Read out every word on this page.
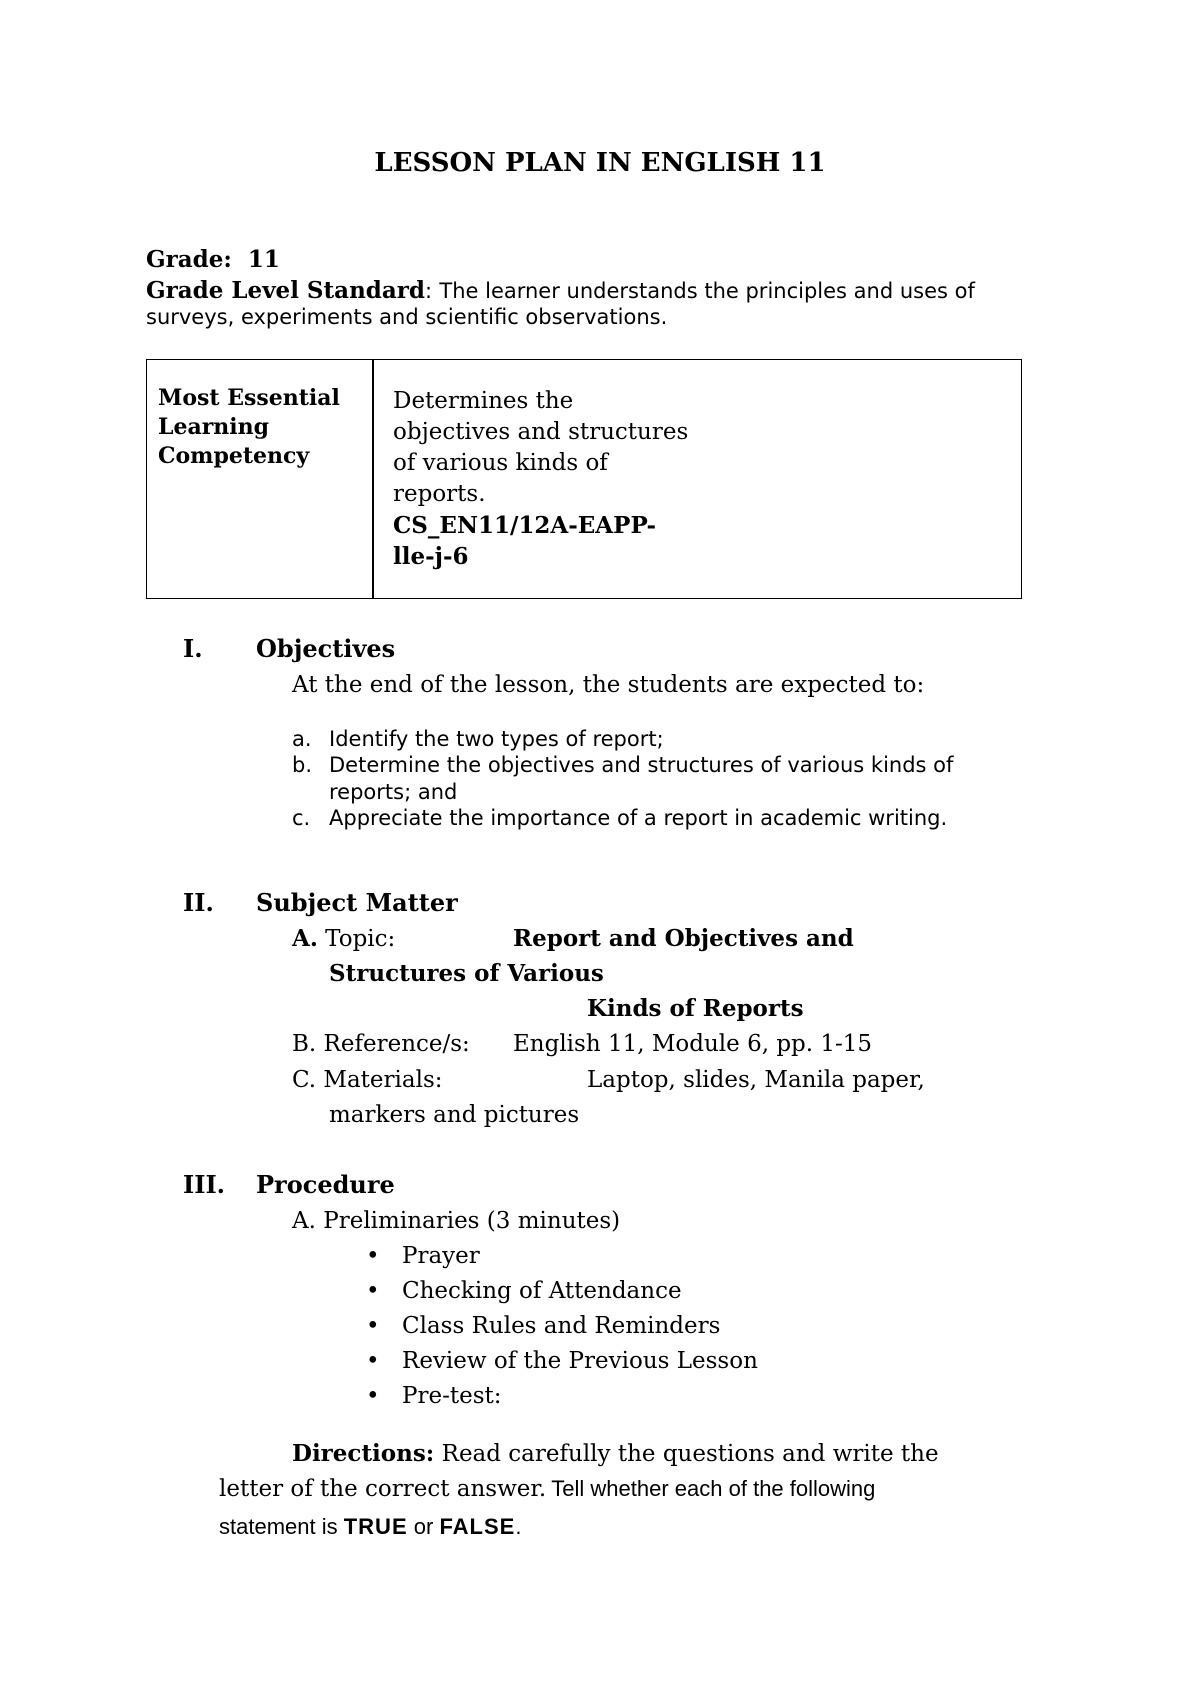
LESSON PLAN IN ENGLISH 11
Grade: 11
Grade Level Standard: The learner understands the principles and uses of
surveys, experiments and scientific observations.
Most Essential
Learning
Competency
Determines the
objectives and structures
of various kinds of
reports.
CS_EN11/12A-EAPP-
lle-j-6
I. Objectives
At the end of the lesson, the students are expected to:
a. Identify the two types of report;
b. Determine the objectives and structures of various kinds of
reports; and
c. Appreciate the importance of a report in academic writing.
II. Subject Matter
A. Topic:	Report and Objectives and
Structures of Various
Kinds of Reports
B. Reference/s: English 11, Module 6, pp. 1-15
C. Materials:	Laptop, slides, Manila paper,
markers and pictures
III. Procedure
A. Preliminaries (3 minutes)
• Prayer
• Checking of Attendance
• Class Rules and Reminders
• Review of the Previous Lesson
• Pre-test:
Directions: Read carefully the questions and write the
letter of the correct answer. Tell whether each of the following
statement is TRUE or FALSE.
